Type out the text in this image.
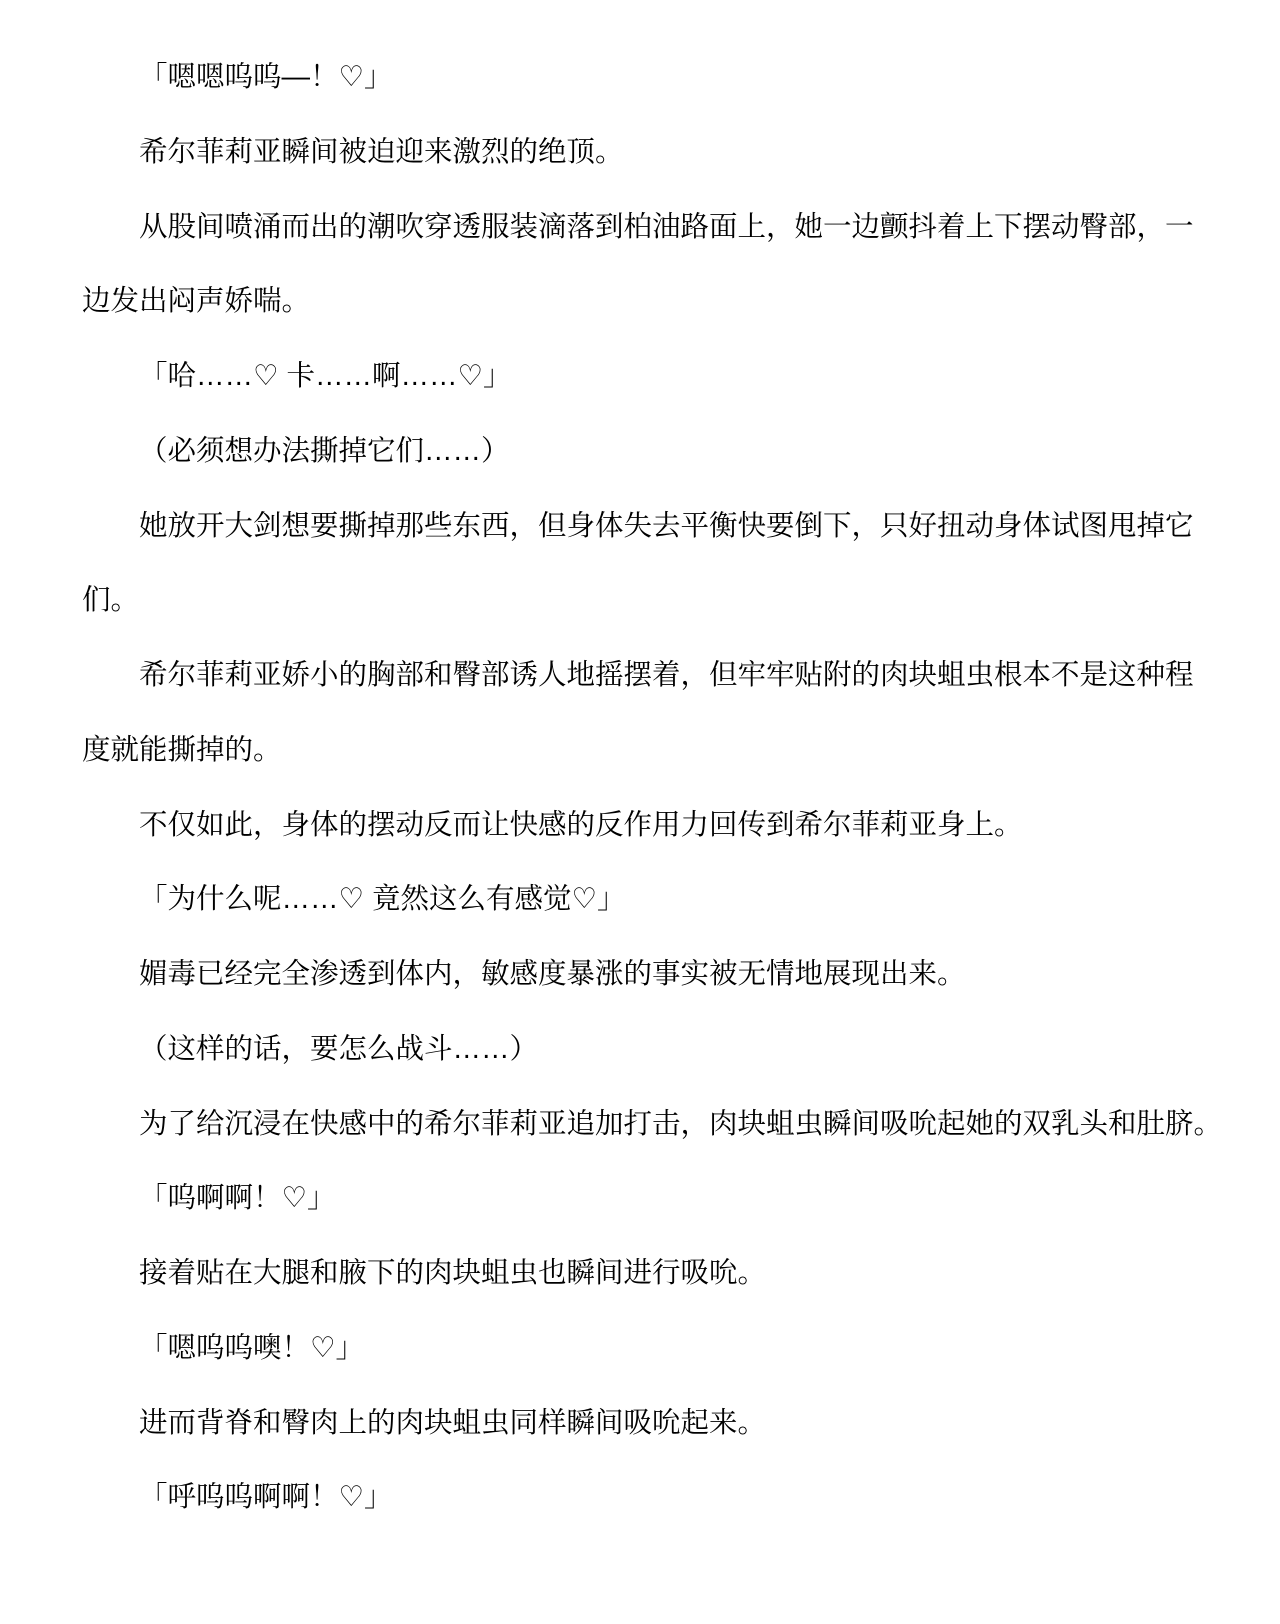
「嗯嗯呜呜—！♡」

希尔菲莉亚瞬间被迫迎来激烈的绝顶。

从股间喷涌而出的潮吹穿透服装滴落到柏油路面上，她一边颤抖着上下摆动臀部，一
边发出闷声娇喘。

「哈……♡ 卡……啊……♡」

（必须想办法撕掉它们……）

她放开大剑想要撕掉那些东西，但身体失去平衡快要倒下，只好扭动身体试图甩掉它
们。

希尔菲莉亚娇小的胸部和臀部诱人地摇摆着，但牢牢贴附的肉块蛆虫根本不是这种程
度就能撕掉的。

不仅如此，身体的摆动反而让快感的反作用力回传到希尔菲莉亚身上。

「为什么呢……♡ 竟然这么有感觉♡」

媚毒已经完全渗透到体内，敏感度暴涨的事实被无情地展现出来。

（这样的话，要怎么战斗……）

为了给沉浸在快感中的希尔菲莉亚追加打击，肉块蛆虫瞬间吸吮起她的双乳头和肚脐。

「呜啊啊！♡」

接着贴在大腿和腋下的肉块蛆虫也瞬间进行吸吮。

「嗯呜呜噢！♡」

进而背脊和臀肉上的肉块蛆虫同样瞬间吸吮起来。

「呼呜呜啊啊！♡」
